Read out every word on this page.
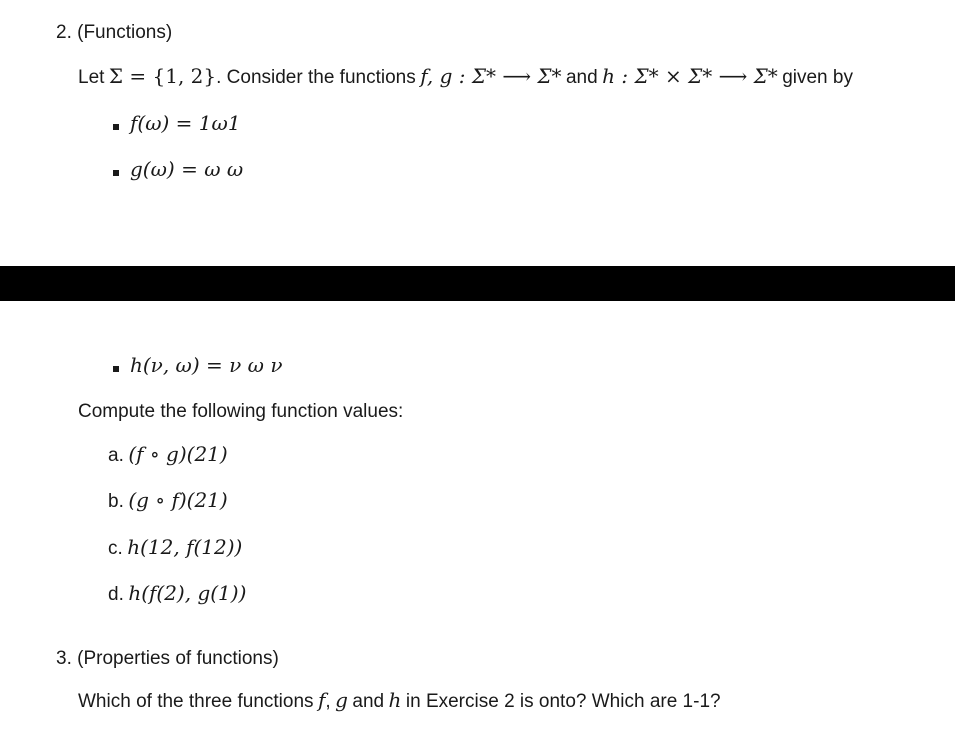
2. (Functions)
Let Σ = {1, 2}. Consider the functions f, g : Σ* ⟶ Σ* and h : Σ* × Σ* ⟶ Σ* given by
f(ω) = 1ω1
g(ω) = ω ω
h(ν, ω) = ν ω ν
Compute the following function values:
a. (f ∘ g)(21)
b. (g ∘ f)(21)
c. h(12, f(12))
d. h(f(2), g(1))
3. (Properties of functions)
Which of the three functions f, g and h in Exercise 2 is onto? Which are 1-1?
